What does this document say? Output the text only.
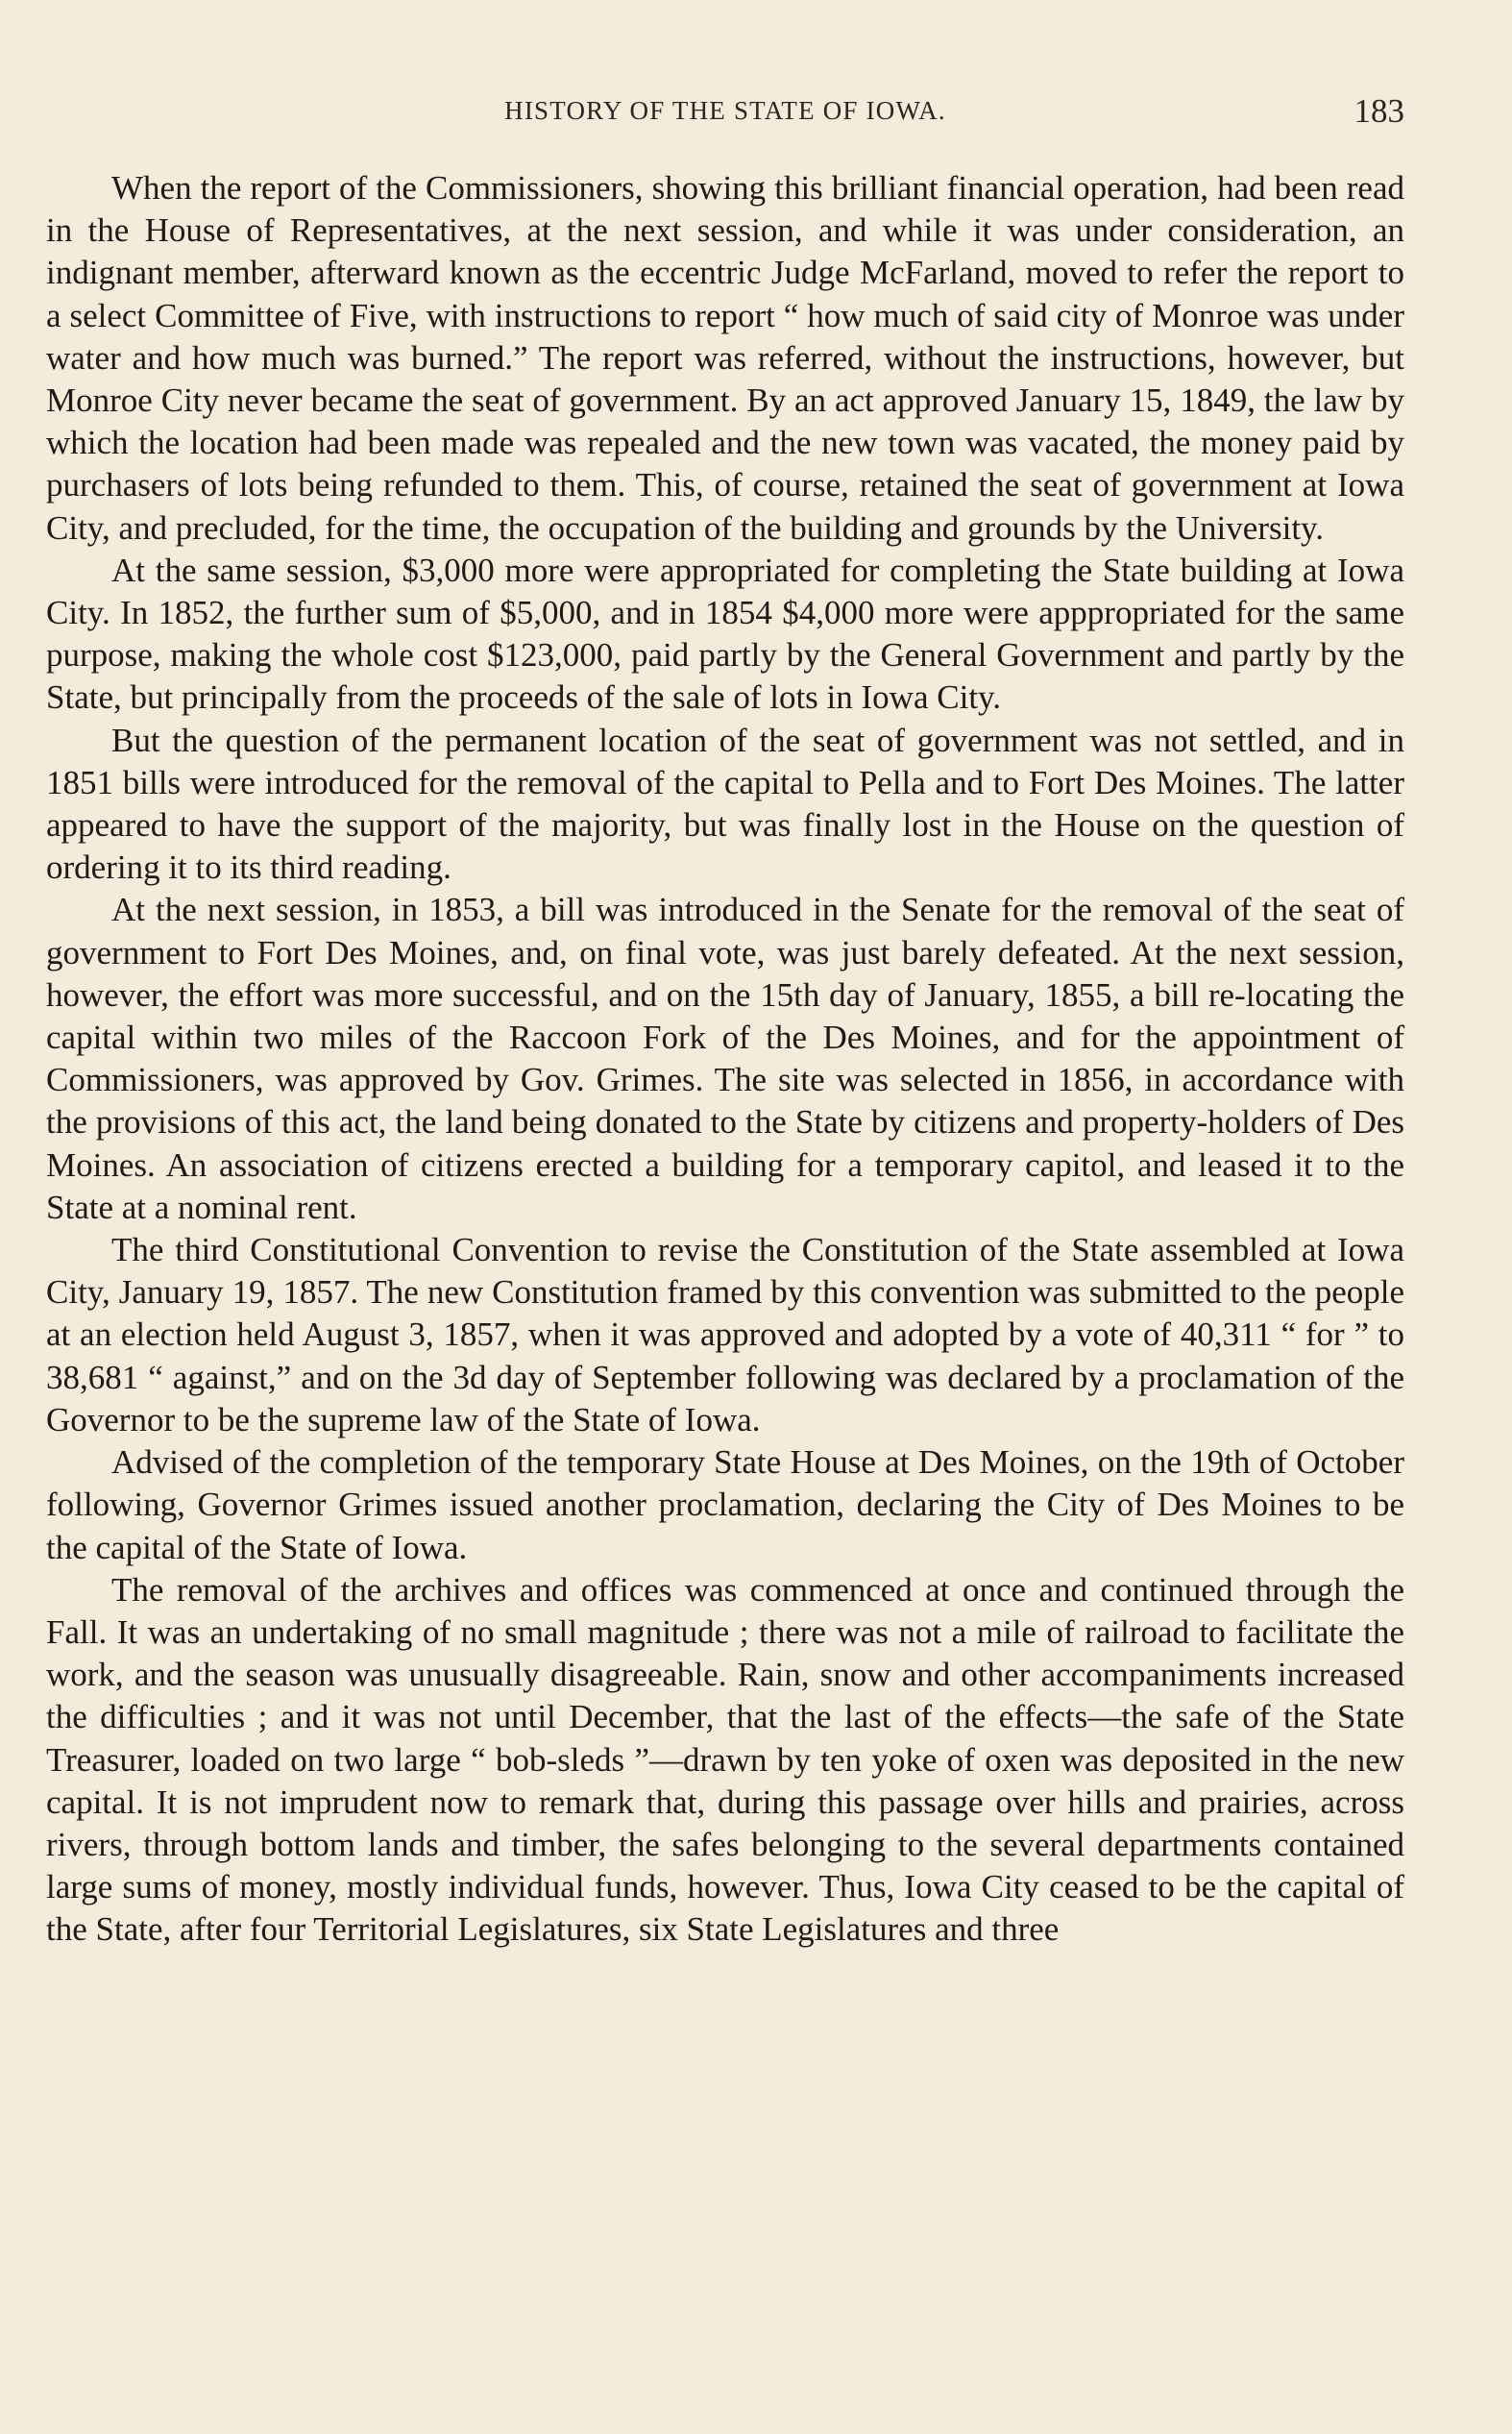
HISTORY OF THE STATE OF IOWA.	183

When the report of the Commissioners, showing this brilliant financial operation, had been read in the House of Representatives, at the next session, and while it was under consideration, an indignant member, afterward known as the eccentric Judge McFarland, moved to refer the report to a select Committee of Five, with instructions to report “ how much of said city of Monroe was under water and how much was burned.” The report was referred, without the instructions, however, but Monroe City never became the seat of government. By an act approved January 15, 1849, the law by which the location had been made was repealed and the new town was vacated, the money paid by purchasers of lots being refunded to them. This, of course, retained the seat of government at Iowa City, and precluded, for the time, the occupation of the building and grounds by the University.

At the same session, $3,000 more were appropriated for completing the State building at Iowa City. In 1852, the further sum of $5,000, and in 1854 $4,000 more were apppropriated for the same purpose, making the whole cost $123,000, paid partly by the General Government and partly by the State, but principally from the proceeds of the sale of lots in Iowa City.

But the question of the permanent location of the seat of government was not settled, and in 1851 bills were introduced for the removal of the capital to Pella and to Fort Des Moines. The latter appeared to have the support of the majority, but was finally lost in the House on the question of ordering it to its third reading.

At the next session, in 1853, a bill was introduced in the Senate for the removal of the seat of government to Fort Des Moines, and, on final vote, was just barely defeated. At the next session, however, the effort was more successful, and on the 15th day of January, 1855, a bill re-locating the capital within two miles of the Raccoon Fork of the Des Moines, and for the appointment of Commissioners, was approved by Gov. Grimes. The site was selected in 1856, in accordance with the provisions of this act, the land being donated to the State by citizens and property-holders of Des Moines. An association of citizens erected a building for a temporary capitol, and leased it to the State at a nominal rent.

The third Constitutional Convention to revise the Constitution of the State assembled at Iowa City, January 19, 1857. The new Constitution framed by this convention was submitted to the people at an election held August 3, 1857, when it was approved and adopted by a vote of 40,311 “ for ” to 38,681 “ against,” and on the 3d day of September following was declared by a proclamation of the Governor to be the supreme law of the State of Iowa.

Advised of the completion of the temporary State House at Des Moines, on the 19th of October following, Governor Grimes issued another proclamation, declaring the City of Des Moines to be the capital of the State of Iowa.

The removal of the archives and offices was commenced at once and continued through the Fall. It was an undertaking of no small magnitude ; there was not a mile of railroad to facilitate the work, and the season was unusually disagreeable. Rain, snow and other accompaniments increased the difficulties ; and it was not until December, that the last of the effects—the safe of the State Treasurer, loaded on two large “ bob-sleds ”—drawn by ten yoke of oxen was deposited in the new capital. It is not imprudent now to remark that, during this passage over hills and prairies, across rivers, through bottom lands and timber, the safes belonging to the several departments contained large sums of money, mostly individual funds, however. Thus, Iowa City ceased to be the capital of the State, after four Territorial Legislatures, six State Legislatures and three
